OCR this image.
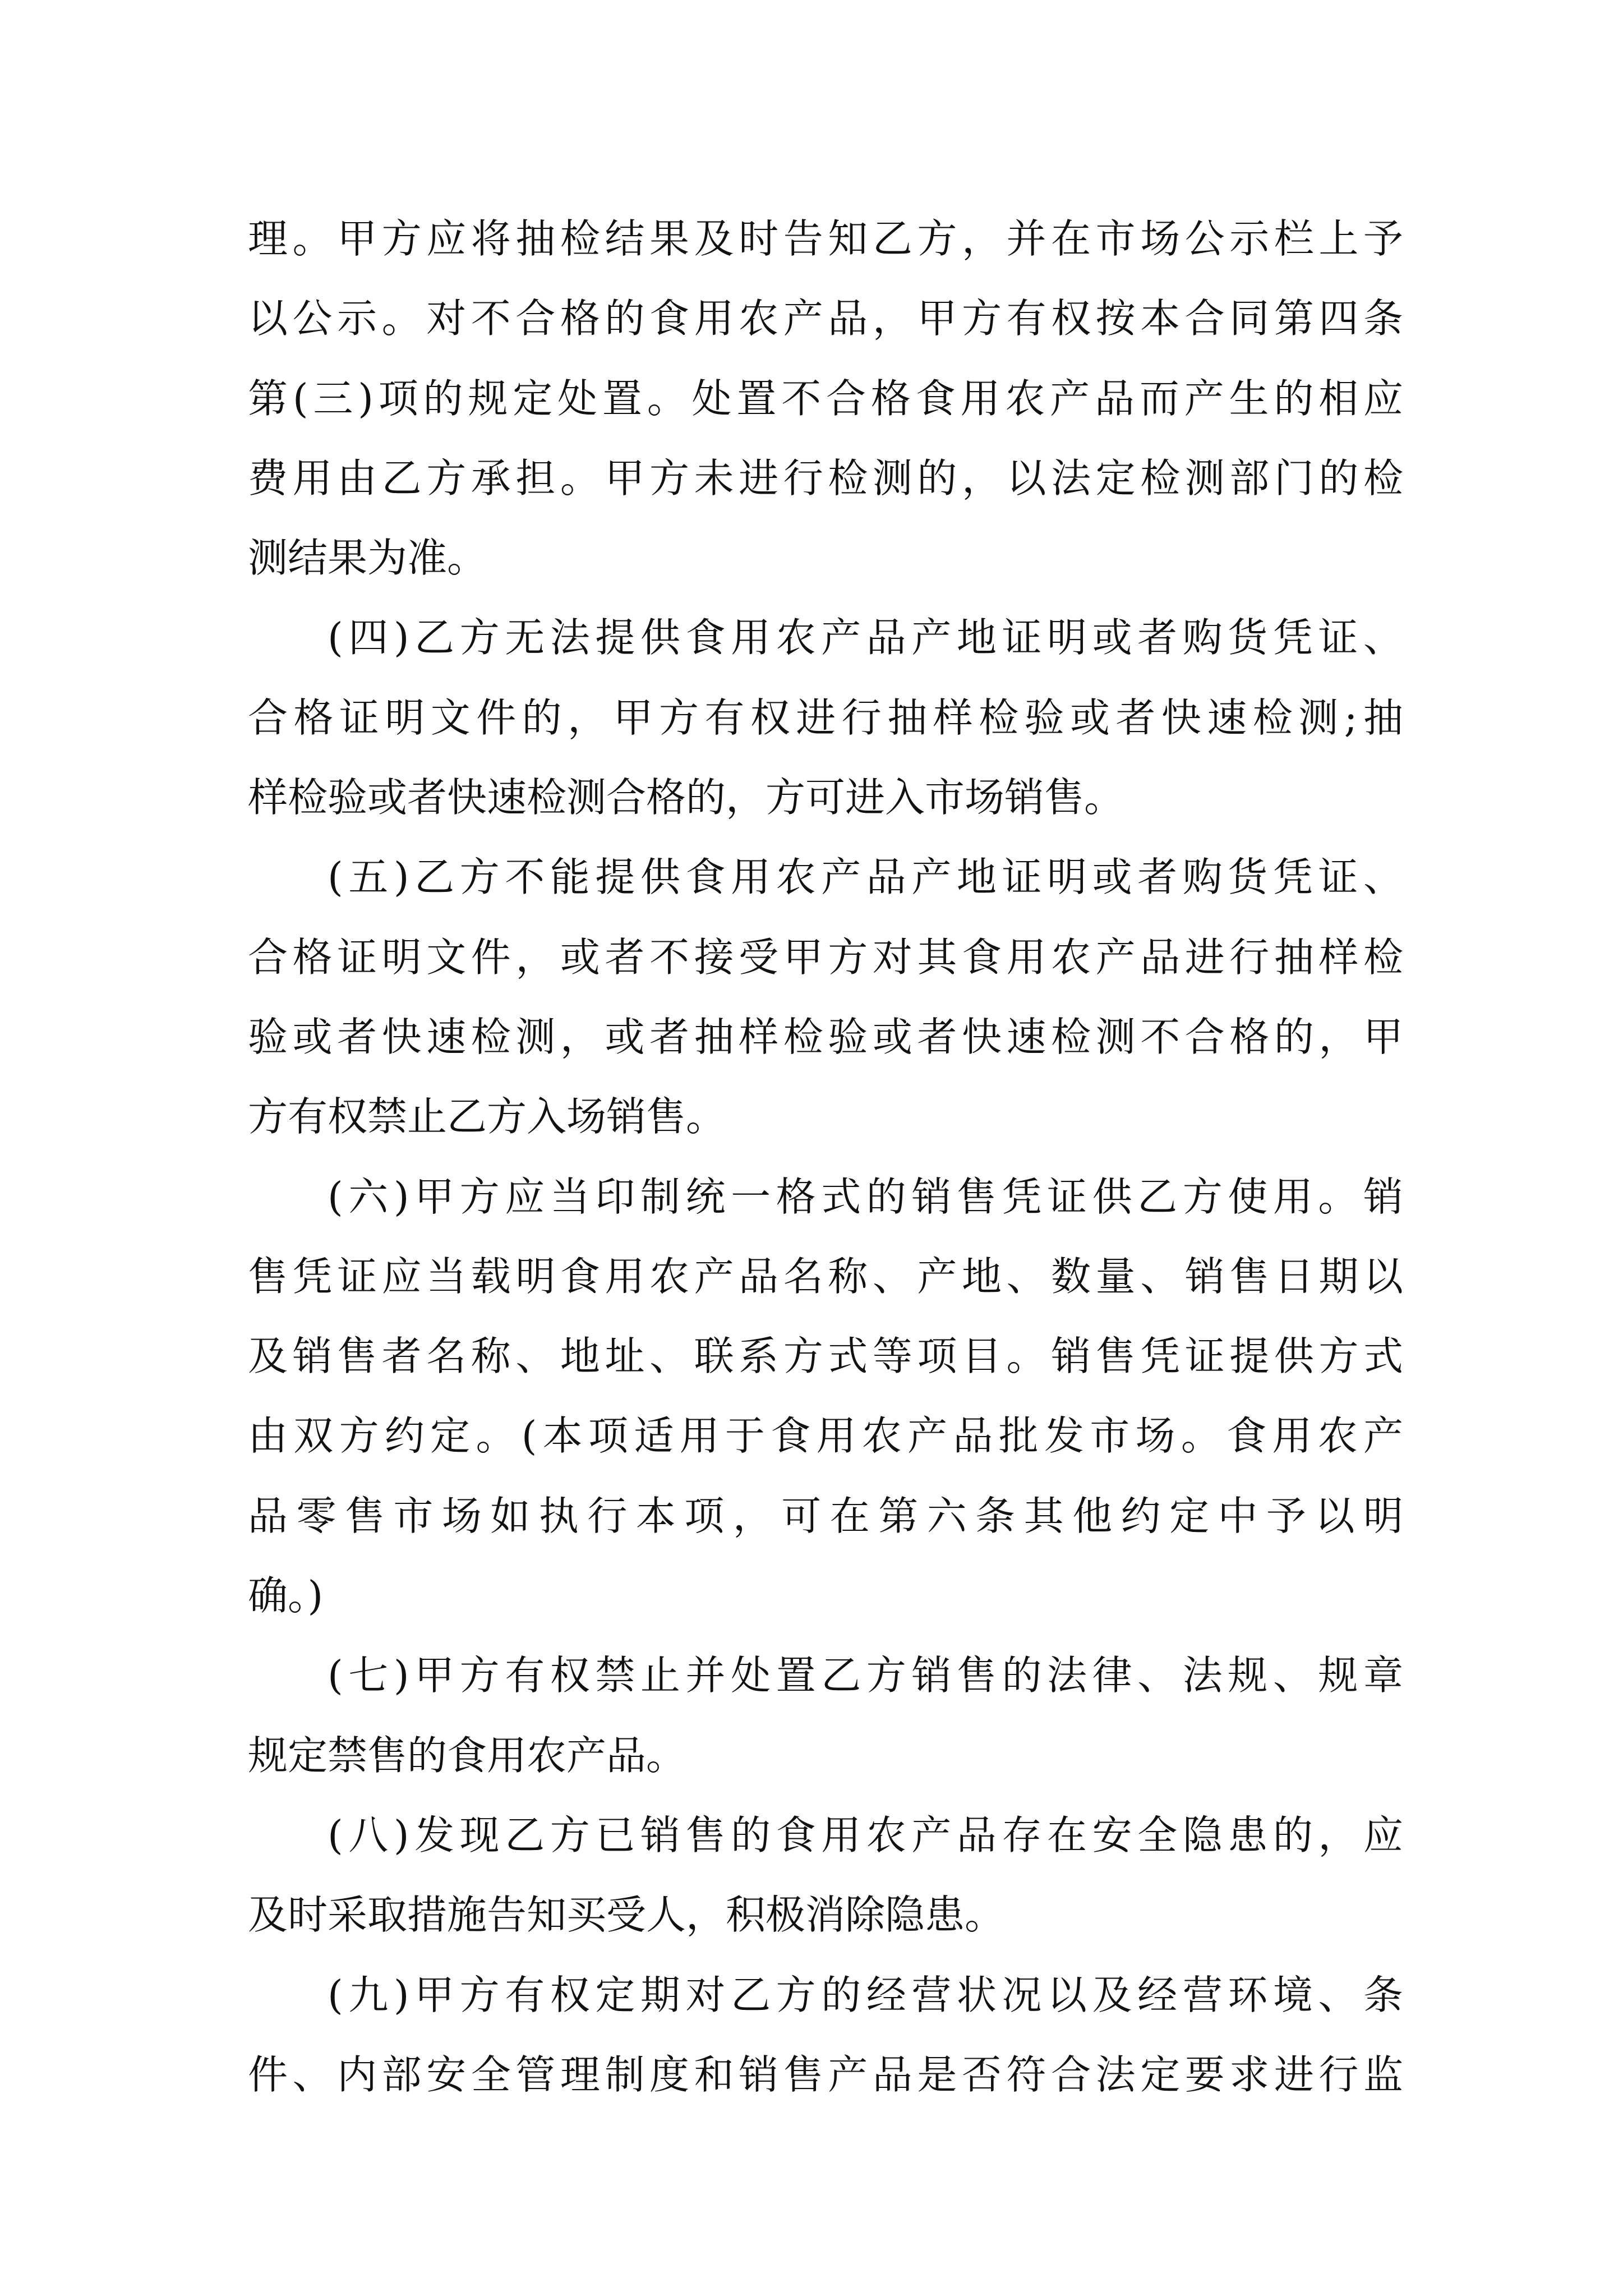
理。甲方应将抽检结果及时告知乙方，并在市场公示栏上予
以公示。对不合格的食用农产品，甲方有权按本合同第四条
第(三)项的规定处置。处置不合格食用农产品而产生的相应
费用由乙方承担。甲方未进行检测的，以法定检测部门的检
测结果为准。
(四)乙方无法提供食用农产品产地证明或者购货凭证、
合格证明文件的，甲方有权进行抽样检验或者快速检测;抽
样检验或者快速检测合格的，方可进入市场销售。
(五)乙方不能提供食用农产品产地证明或者购货凭证、
合格证明文件，或者不接受甲方对其食用农产品进行抽样检
验或者快速检测，或者抽样检验或者快速检测不合格的，甲
方有权禁止乙方入场销售。
(六)甲方应当印制统一格式的销售凭证供乙方使用。销
售凭证应当载明食用农产品名称、产地、数量、销售日期以
及销售者名称、地址、联系方式等项目。销售凭证提供方式
由双方约定。(本项适用于食用农产品批发市场。食用农产
品零售市场如执行本项，可在第六条其他约定中予以明
确。)
(七)甲方有权禁止并处置乙方销售的法律、法规、规章
规定禁售的食用农产品。
(八)发现乙方已销售的食用农产品存在安全隐患的，应
及时采取措施告知买受人，积极消除隐患。
(九)甲方有权定期对乙方的经营状况以及经营环境、条
件、内部安全管理制度和销售产品是否符合法定要求进行监
